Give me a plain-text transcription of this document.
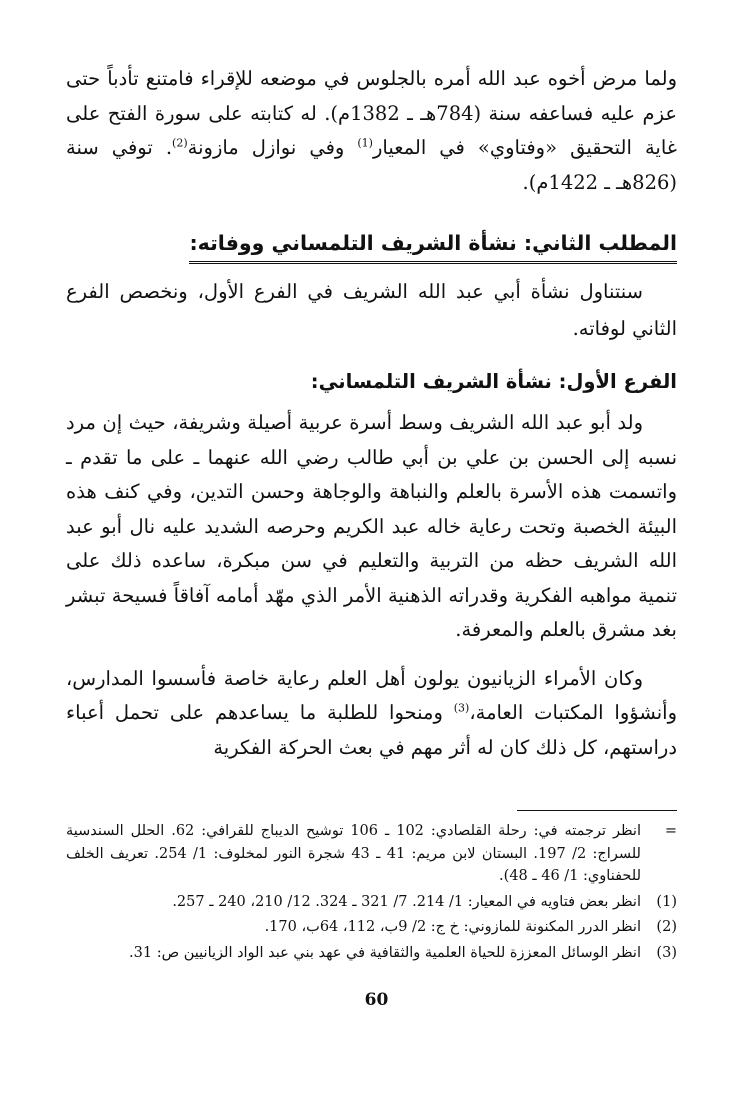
ولما مرض أخوه عبد الله أمره بالجلوس في موضعه للإقراء فامتنع تأدباً حتى عزم عليه فساعفه سنة (784هـ ـ 1382م). له كتابته على سورة الفتح على غاية التحقيق «وفتاوي» في المعيار$^{(1)}$ وفي نوازل مازونة$^{(2)}$. توفي سنة (826هـ ـ 1422م).

المطلب الثاني: نشأة الشريف التلمساني ووفاته:

سنتناول نشأة أبي عبد الله الشريف في الفرع الأول، ونخصص الفرع الثاني لوفاته.

الفرع الأول: نشأة الشريف التلمساني:

ولد أبو عبد الله الشريف وسط أسرة عربية أصيلة وشريفة، حيث إن مرد نسبه إلى الحسن بن علي بن أبي طالب رضي الله عنهما ـ على ما تقدم ـ واتسمت هذه الأسرة بالعلم والنباهة والوجاهة وحسن التدين، وفي كنف هذه البيئة الخصبة وتحت رعاية خاله عبد الكريم وحرصه الشديد عليه نال أبو عبد الله الشريف حظه من التربية والتعليم في سن مبكرة، ساعده ذلك على تنمية مواهبه الفكرية وقدراته الذهنية الأمر الذي مهّد أمامه آفاقاً فسيحة تبشر بغد مشرق بالعلم والمعرفة.

وكان الأمراء الزيانيون يولون أهل العلم رعاية خاصة فأسسوا المدارس، وأنشؤوا المكتبات العامة،$^{(3)}$ ومنحوا للطلبة ما يساعدهم على تحمل أعباء دراستهم، كل ذلك كان له أثر مهم في بعث الحركة الفكرية

=
انظر ترجمته في: رحلة القلصادي: 102 ـ 106 توشيح الديباج للقرافي: 62. الحلل السندسية للسراج: 2/ 197. البستان لابن مريم: 41 ـ 43 شجرة النور لمخلوف: 1/ 254. تعريف الخلف للحفناوي: 1/ 46 ـ 48).
(1)
انظر بعض فتاويه في المعيار: 1/ 214. 7/ 321 ـ 324. 12/ 210، 240 ـ 257.
(2)
انظر الدرر المكنونة للمازوني: خ ج: 2/ 9ب، 112، 64ب، 170.
(3)
انظر الوسائل المعززة للحياة العلمية والثقافية في عهد بني عبد الواد الزيانيين ص: 31.
60
